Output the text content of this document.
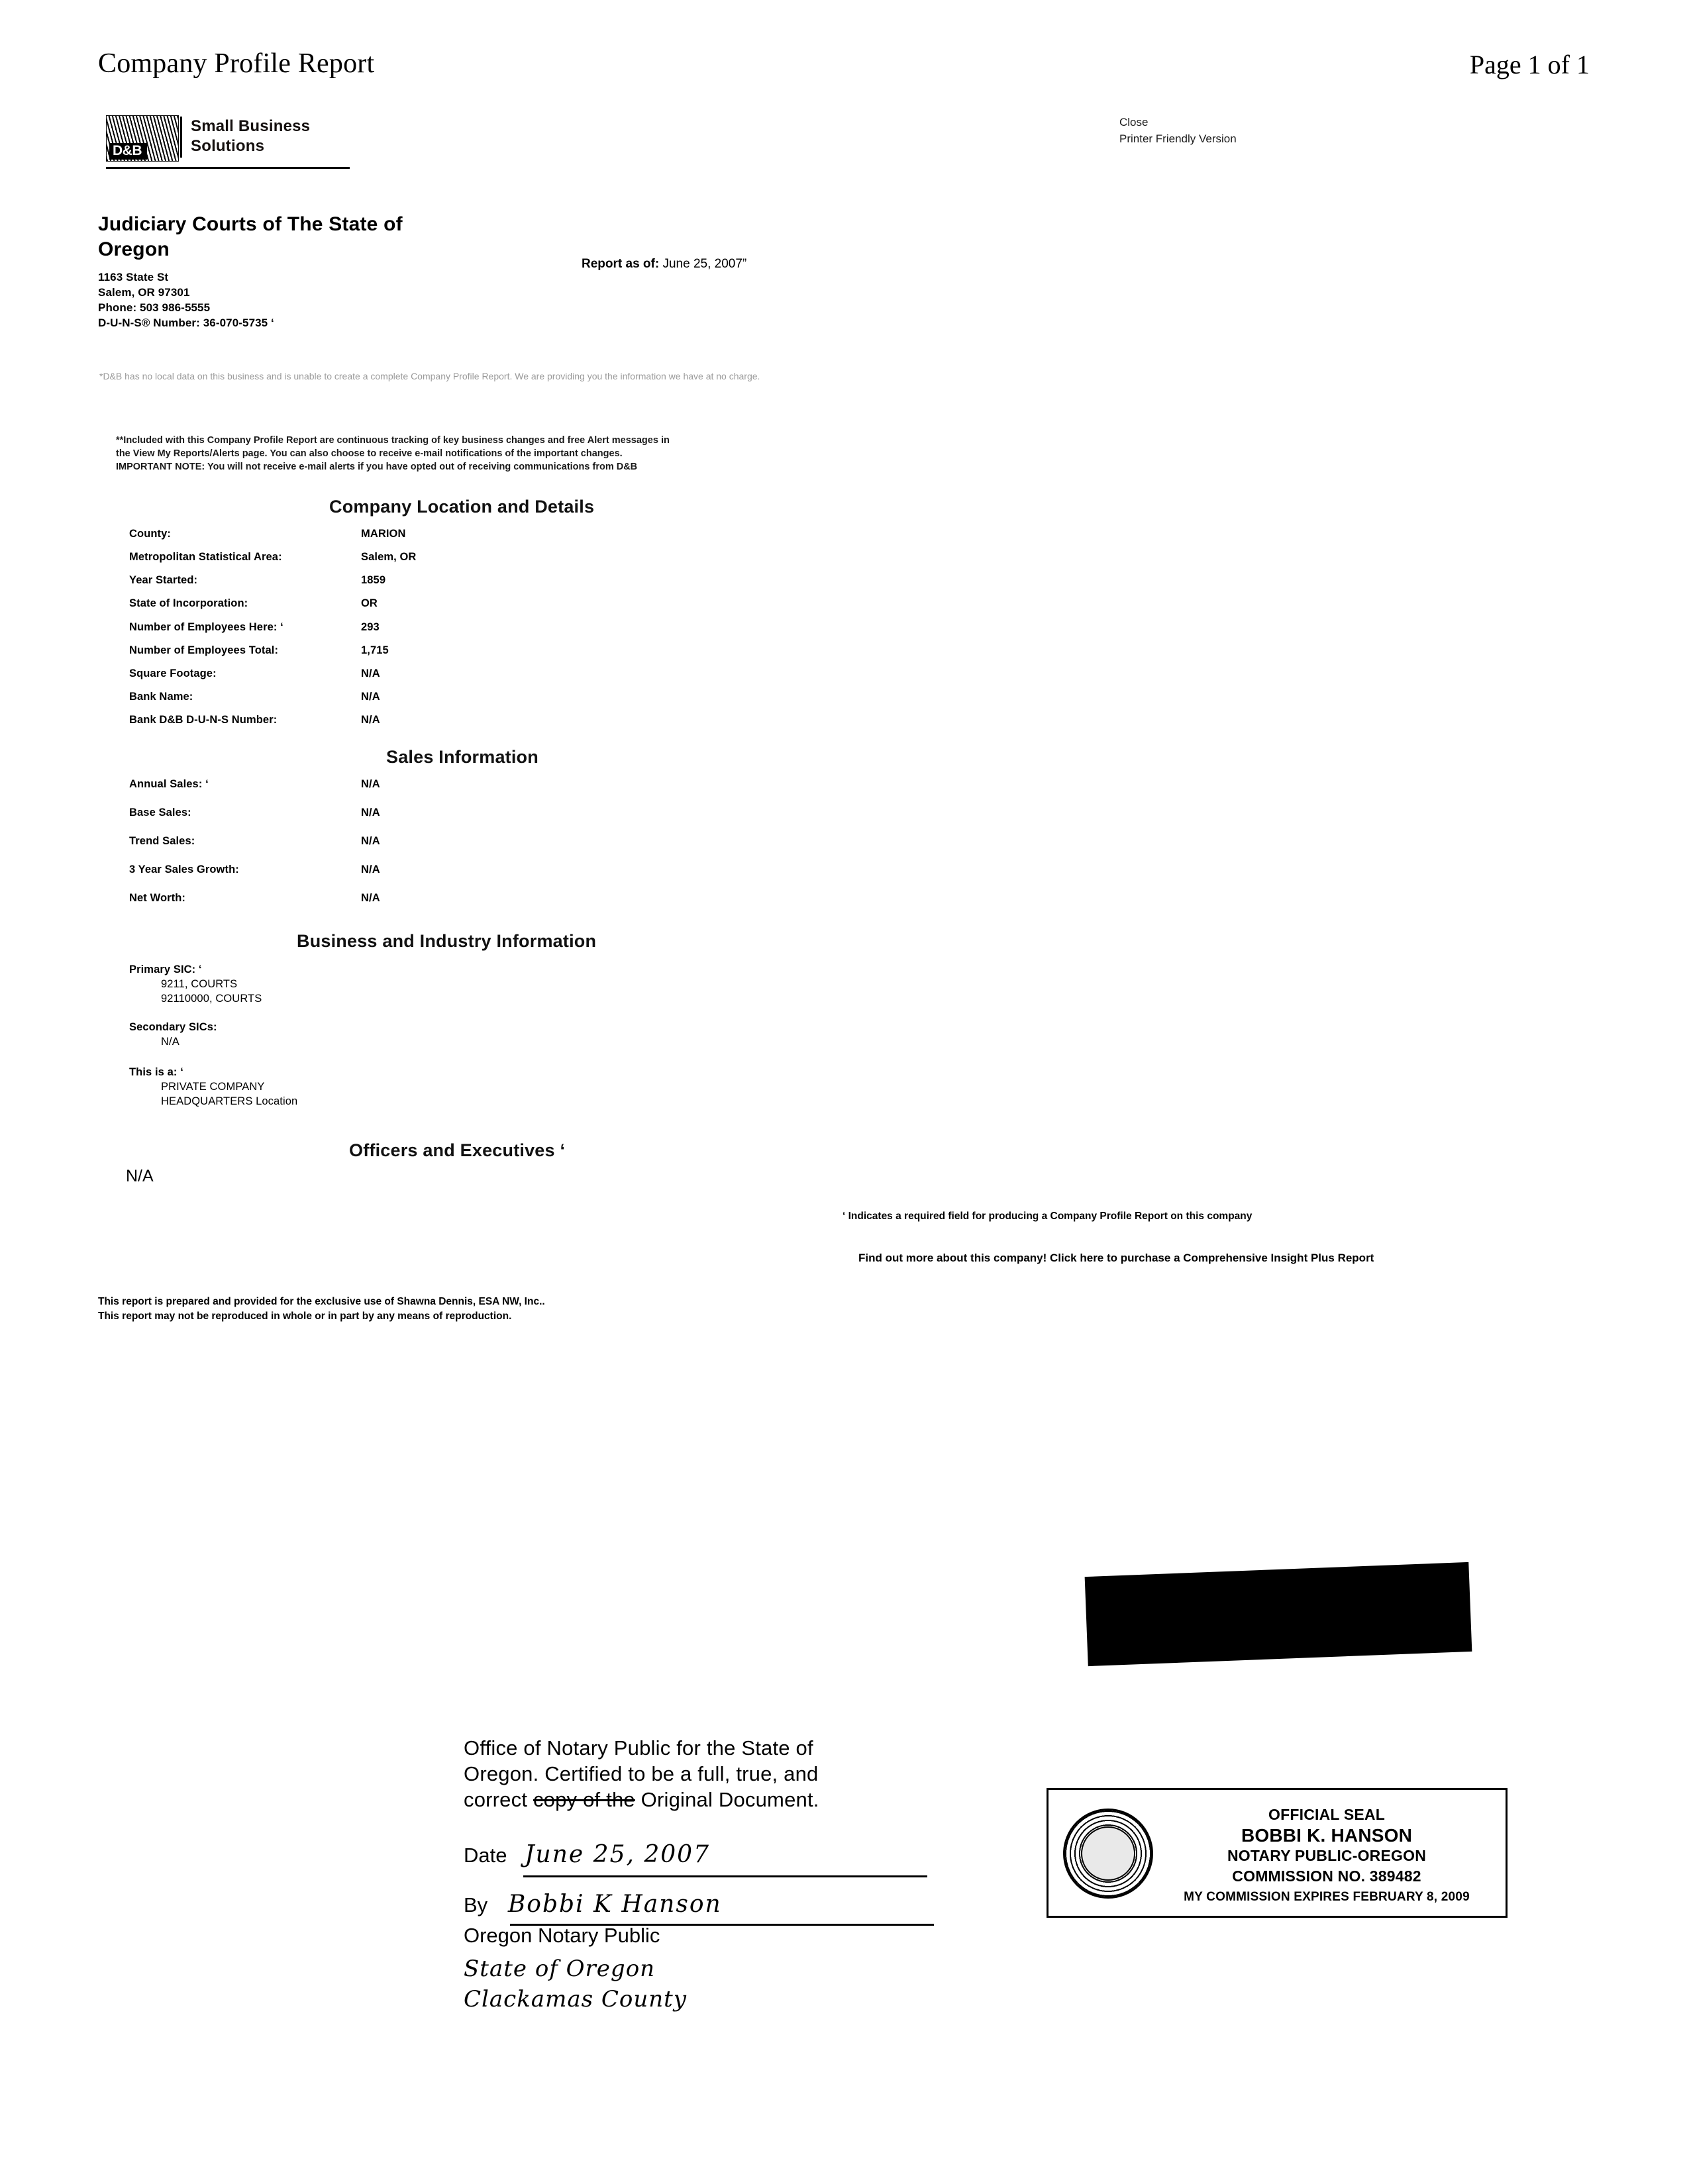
Company Profile Report	Page 1 of 1
D&B
Small Business
Solutions
Close
Printer Friendly Version
Judiciary Courts of The State of Oregon
1163 State St
Salem, OR 97301
Phone: 503 986-5555
D-U-N-S® Number: 36-070-5735 ‘
Report as of: June 25, 2007”
*D&B has no local data on this business and is unable to create a complete Company Profile Report. We are providing you the information we have at no charge.
**Included with this Company Profile Report are continuous tracking of key business changes and free Alert messages in
the View My Reports/Alerts page. You can also choose to receive e-mail notifications of the important changes.
IMPORTANT NOTE: You will not receive e-mail alerts if you have opted out of receiving communications from D&B
Company Location and Details
County:	MARION
Metropolitan Statistical Area:	Salem, OR
Year Started:	1859
State of Incorporation:	OR
Number of Employees Here: ‘	293
Number of Employees Total:	1,715
Square Footage:	N/A
Bank Name:	N/A
Bank D&B D-U-N-S Number:	N/A
Sales Information
Annual Sales: ‘	N/A
Base Sales:	N/A
Trend Sales:	N/A
3 Year Sales Growth:	N/A
Net Worth:	N/A
Business and Industry Information
Primary SIC: ‘
9211, COURTS
92110000, COURTS
Secondary SICs:
N/A
This is a: ‘
PRIVATE COMPANY
HEADQUARTERS Location
Officers and Executives ‘
N/A
‘ Indicates a required field for producing a Company Profile Report on this company
Find out more about this company! Click here to purchase a Comprehensive Insight Plus Report
This report is prepared and provided for the exclusive use of Shawna Dennis, ESA NW, Inc..
This report may not be reproduced in whole or in part by any means of reproduction.
Office of Notary Public for the State of
Oregon. Certified to be a full, true, and
correct copy of the Original Document.
Date June 25, 2007
By Bobbi K Hanson
Oregon Notary Public
State of Oregon
Clackamas County
OFFICIAL SEAL
BOBBI K. HANSON
NOTARY PUBLIC-OREGON
COMMISSION NO. 389482
MY COMMISSION EXPIRES FEBRUARY 8, 2009
